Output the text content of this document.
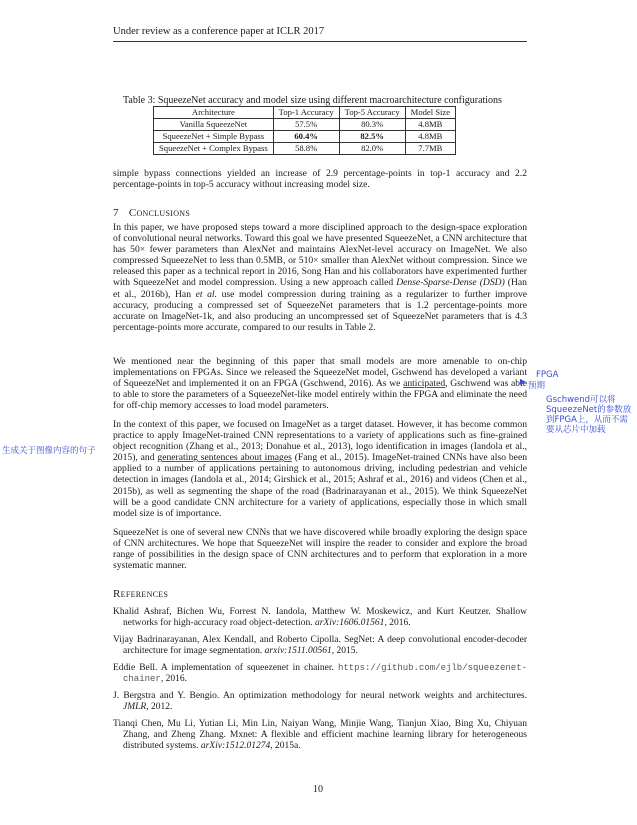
Under review as a conference paper at ICLR 2017
Table 3: SqueezeNet accuracy and model size using different macroarchitecture configurations
Architecture	Top-1 Accuracy	Top-5 Accuracy	Model Size
Vanilla SqueezeNet	57.5%	80.3%	4.8MB
SqueezeNet + Simple Bypass	60.4%	82.5%	4.8MB
SqueezeNet + Complex Bypass	58.8%	82.0%	7.7MB
simple bypass connections yielded an increase of 2.9 percentage-points in top-1 accuracy and 2.2 percentage-points in top-5 accuracy without increasing model size.
7 Conclusions
In this paper, we have proposed steps toward a more disciplined approach to the design-space exploration of convolutional neural networks. Toward this goal we have presented SqueezeNet, a CNN architecture that has 50× fewer parameters than AlexNet and maintains AlexNet-level accuracy on ImageNet. We also compressed SqueezeNet to less than 0.5MB, or 510× smaller than AlexNet without compression. Since we released this paper as a technical report in 2016, Song Han and his collaborators have experimented further with SqueezeNet and model compression. Using a new approach called Dense-Sparse-Dense (DSD) (Han et al., 2016b), Han et al. use model compression during training as a regularizer to further improve accuracy, producing a compressed set of SqueezeNet parameters that is 1.2 percentage-points more accurate on ImageNet-1k, and also producing an uncompressed set of SqueezeNet parameters that is 4.3 percentage-points more accurate, compared to our results in Table 2.
We mentioned near the beginning of this paper that small models are more amenable to on-chip implementations on FPGAs. Since we released the SqueezeNet model, Gschwend has developed a variant of SqueezeNet and implemented it on an FPGA (Gschwend, 2016). As we anticipated, Gschwend was able to able to store the parameters of a SqueezeNet-like model entirely within the FPGA and eliminate the need for off-chip memory accesses to load model parameters.
In the context of this paper, we focused on ImageNet as a target dataset. However, it has become common practice to apply ImageNet-trained CNN representations to a variety of applications such as fine-grained object recognition (Zhang et al., 2013; Donahue et al., 2013), logo identification in images (Iandola et al., 2015), and generating sentences about images (Fang et al., 2015). ImageNet-trained CNNs have also been applied to a number of applications pertaining to autonomous driving, including pedestrian and vehicle detection in images (Iandola et al., 2014; Girshick et al., 2015; Ashraf et al., 2016) and videos (Chen et al., 2015b), as well as segmenting the shape of the road (Badrinarayanan et al., 2015). We think SqueezeNet will be a good candidate CNN architecture for a variety of applications, especially those in which small model size is of importance.
SqueezeNet is one of several new CNNs that we have discovered while broadly exploring the design space of CNN architectures. We hope that SqueezeNet will inspire the reader to consider and explore the broad range of possibilities in the design space of CNN architectures and to perform that exploration in a more systematic manner.
References
Khalid Ashraf, Bichen Wu, Forrest N. Iandola, Matthew W. Moskewicz, and Kurt Keutzer. Shallow networks for high-accuracy road object-detection. arXiv:1606.01561, 2016.
Vijay Badrinarayanan, Alex Kendall, and Roberto Cipolla. SegNet: A deep convolutional encoder-decoder architecture for image segmentation. arxiv:1511.00561, 2015.
Eddie Bell. A implementation of squeezenet in chainer. https://github.com/ejlb/squeezenet-chainer, 2016.
J. Bergstra and Y. Bengio. An optimization methodology for neural network weights and architectures. JMLR, 2012.
Tianqi Chen, Mu Li, Yutian Li, Min Lin, Naiyan Wang, Minjie Wang, Tianjun Xiao, Bing Xu, Chiyuan Zhang, and Zheng Zhang. Mxnet: A flexible and efficient machine learning library for heterogeneous distributed systems. arXiv:1512.01274, 2015a.
10
生成关于图像内容的句子
FPGA
预期
Gschwend可以将SqueezeNet的参数放到FPGA上，从而不需要从芯片中加载
